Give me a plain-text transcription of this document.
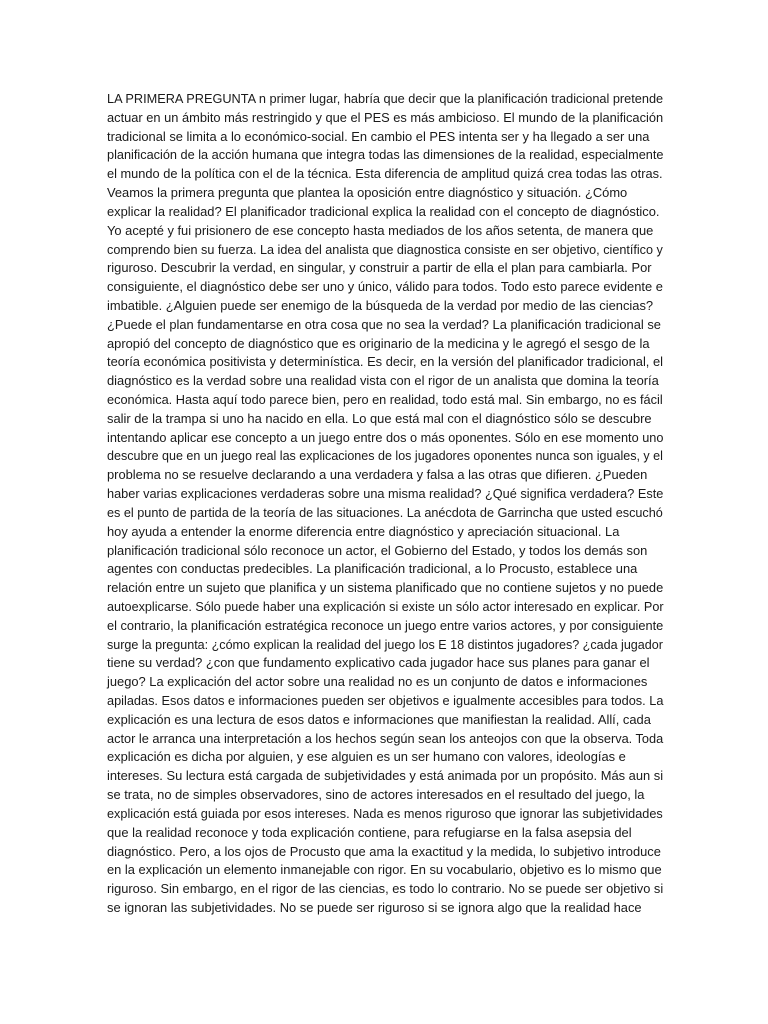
LA PRIMERA PREGUNTA n primer lugar, habría que decir que la planificación tradicional pretende
actuar en un ámbito más restringido y que el PES es más ambicioso. El mundo de la planificación
tradicional se limita a lo económico-social. En cambio el PES intenta ser y ha llegado a ser una
planificación de la acción humana que integra todas las dimensiones de la realidad, especialmente
el mundo de la política con el de la técnica. Esta diferencia de amplitud quizá crea todas las otras.
Veamos la primera pregunta que plantea la oposición entre diagnóstico y situación. ¿Cómo
explicar la realidad? El planificador tradicional explica la realidad con el concepto de diagnóstico.
Yo acepté y fui prisionero de ese concepto hasta mediados de los años setenta, de manera que
comprendo bien su fuerza. La idea del analista que diagnostica consiste en ser objetivo, científico y
riguroso. Descubrir la verdad, en singular, y construir a partir de ella el plan para cambiarla. Por
consiguiente, el diagnóstico debe ser uno y único, válido para todos. Todo esto parece evidente e
imbatible. ¿Alguien puede ser enemigo de la búsqueda de la verdad por medio de las ciencias?
¿Puede el plan fundamentarse en otra cosa que no sea la verdad? La planificación tradicional se
apropió del concepto de diagnóstico que es originario de la medicina y le agregó el sesgo de la
teoría económica positivista y determinística. Es decir, en la versión del planificador tradicional, el
diagnóstico es la verdad sobre una realidad vista con el rigor de un analista que domina la teoría
económica. Hasta aquí todo parece bien, pero en realidad, todo está mal. Sin embargo, no es fácil
salir de la trampa si uno ha nacido en ella. Lo que está mal con el diagnóstico sólo se descubre
intentando aplicar ese concepto a un juego entre dos o más oponentes. Sólo en ese momento uno
descubre que en un juego real las explicaciones de los jugadores oponentes nunca son iguales, y el
problema no se resuelve declarando a una verdadera y falsa a las otras que difieren. ¿Pueden
haber varias explicaciones verdaderas sobre una misma realidad? ¿Qué significa verdadera? Este
es el punto de partida de la teoría de las situaciones. La anécdota de Garrincha que usted escuchó
hoy ayuda a entender la enorme diferencia entre diagnóstico y apreciación situacional. La
planificación tradicional sólo reconoce un actor, el Gobierno del Estado, y todos los demás son
agentes con conductas predecibles. La planificación tradicional, a lo Procusto, establece una
relación entre un sujeto que planifica y un sistema planificado que no contiene sujetos y no puede
autoexplicarse. Sólo puede haber una explicación si existe un sólo actor interesado en explicar. Por
el contrario, la planificación estratégica reconoce un juego entre varios actores, y por consiguiente
surge la pregunta: ¿cómo explican la realidad del juego los E 18 distintos jugadores? ¿cada jugador
tiene su verdad? ¿con que fundamento explicativo cada jugador hace sus planes para ganar el
juego? La explicación del actor sobre una realidad no es un conjunto de datos e informaciones
apiladas. Esos datos e informaciones pueden ser objetivos e igualmente accesibles para todos. La
explicación es una lectura de esos datos e informaciones que manifiestan la realidad. Allí, cada
actor le arranca una interpretación a los hechos según sean los anteojos con que la observa. Toda
explicación es dicha por alguien, y ese alguien es un ser humano con valores, ideologías e
intereses. Su lectura está cargada de subjetividades y está animada por un propósito. Más aun si
se trata, no de simples observadores, sino de actores interesados en el resultado del juego, la
explicación está guiada por esos intereses. Nada es menos riguroso que ignorar las subjetividades
que la realidad reconoce y toda explicación contiene, para refugiarse en la falsa asepsia del
diagnóstico. Pero, a los ojos de Procusto que ama la exactitud y la medida, lo subjetivo introduce
en la explicación un elemento inmanejable con rigor. En su vocabulario, objetivo es lo mismo que
riguroso. Sin embargo, en el rigor de las ciencias, es todo lo contrario. No se puede ser objetivo si
se ignoran las subjetividades. No se puede ser riguroso si se ignora algo que la realidad hace
